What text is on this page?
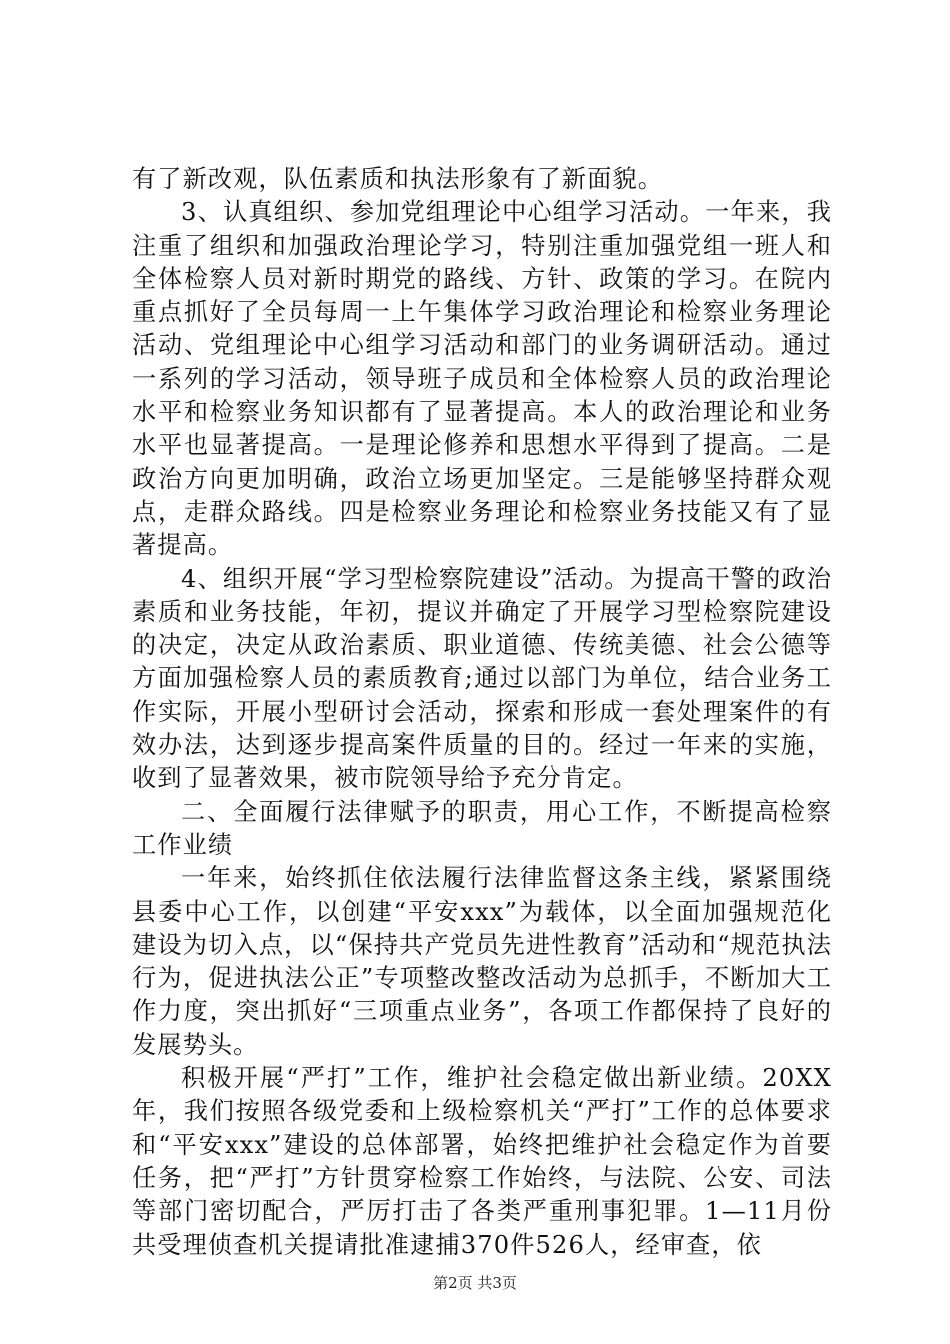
有了新改观，队伍素质和执法形象有了新面貌。

3、认真组织、参加党组理论中心组学习活动。一年来，我注重了组织和加强政治理论学习，特别注重加强党组一班人和全体检察人员对新时期党的路线、方针、政策的学习。在院内重点抓好了全员每周一上午集体学习政治理论和检察业务理论活动、党组理论中心组学习活动和部门的业务调研活动。通过一系列的学习活动，领导班子成员和全体检察人员的政治理论水平和检察业务知识都有了显著提高。本人的政治理论和业务水平也显著提高。一是理论修养和思想水平得到了提高。二是政治方向更加明确，政治立场更加坚定。三是能够坚持群众观点，走群众路线。四是检察业务理论和检察业务技能又有了显著提高。

4、组织开展“学习型检察院建设”活动。为提高干警的政治素质和业务技能，年初，提议并确定了开展学习型检察院建设的决定，决定从政治素质、职业道德、传统美德、社会公德等方面加强检察人员的素质教育;通过以部门为单位，结合业务工作实际，开展小型研讨会活动，探索和形成一套处理案件的有效办法，达到逐步提高案件质量的目的。经过一年来的实施，收到了显著效果，被市院领导给予充分肯定。

二、全面履行法律赋予的职责，用心工作，不断提高检察工作业绩

一年来，始终抓住依法履行法律监督这条主线，紧紧围绕县委中心工作，以创建“平安xxx”为载体，以全面加强规范化建设为切入点，以“保持共产党员先进性教育”活动和“规范执法行为，促进执法公正”专项整改整改活动为总抓手，不断加大工作力度，突出抓好“三项重点业务”，各项工作都保持了良好的发展势头。

积极开展“严打”工作，维护社会稳定做出新业绩。20XX年，我们按照各级党委和上级检察机关“严打”工作的总体要求和“平安xxx”建设的总体部署，始终把维护社会稳定作为首要任务，把“严打”方针贯穿检察工作始终，与法院、公安、司法等部门密切配合，严厉打击了各类严重刑事犯罪。1—11月份共受理侦查机关提请批准逮捕370件526人，经审查，依

第2页 共3页
